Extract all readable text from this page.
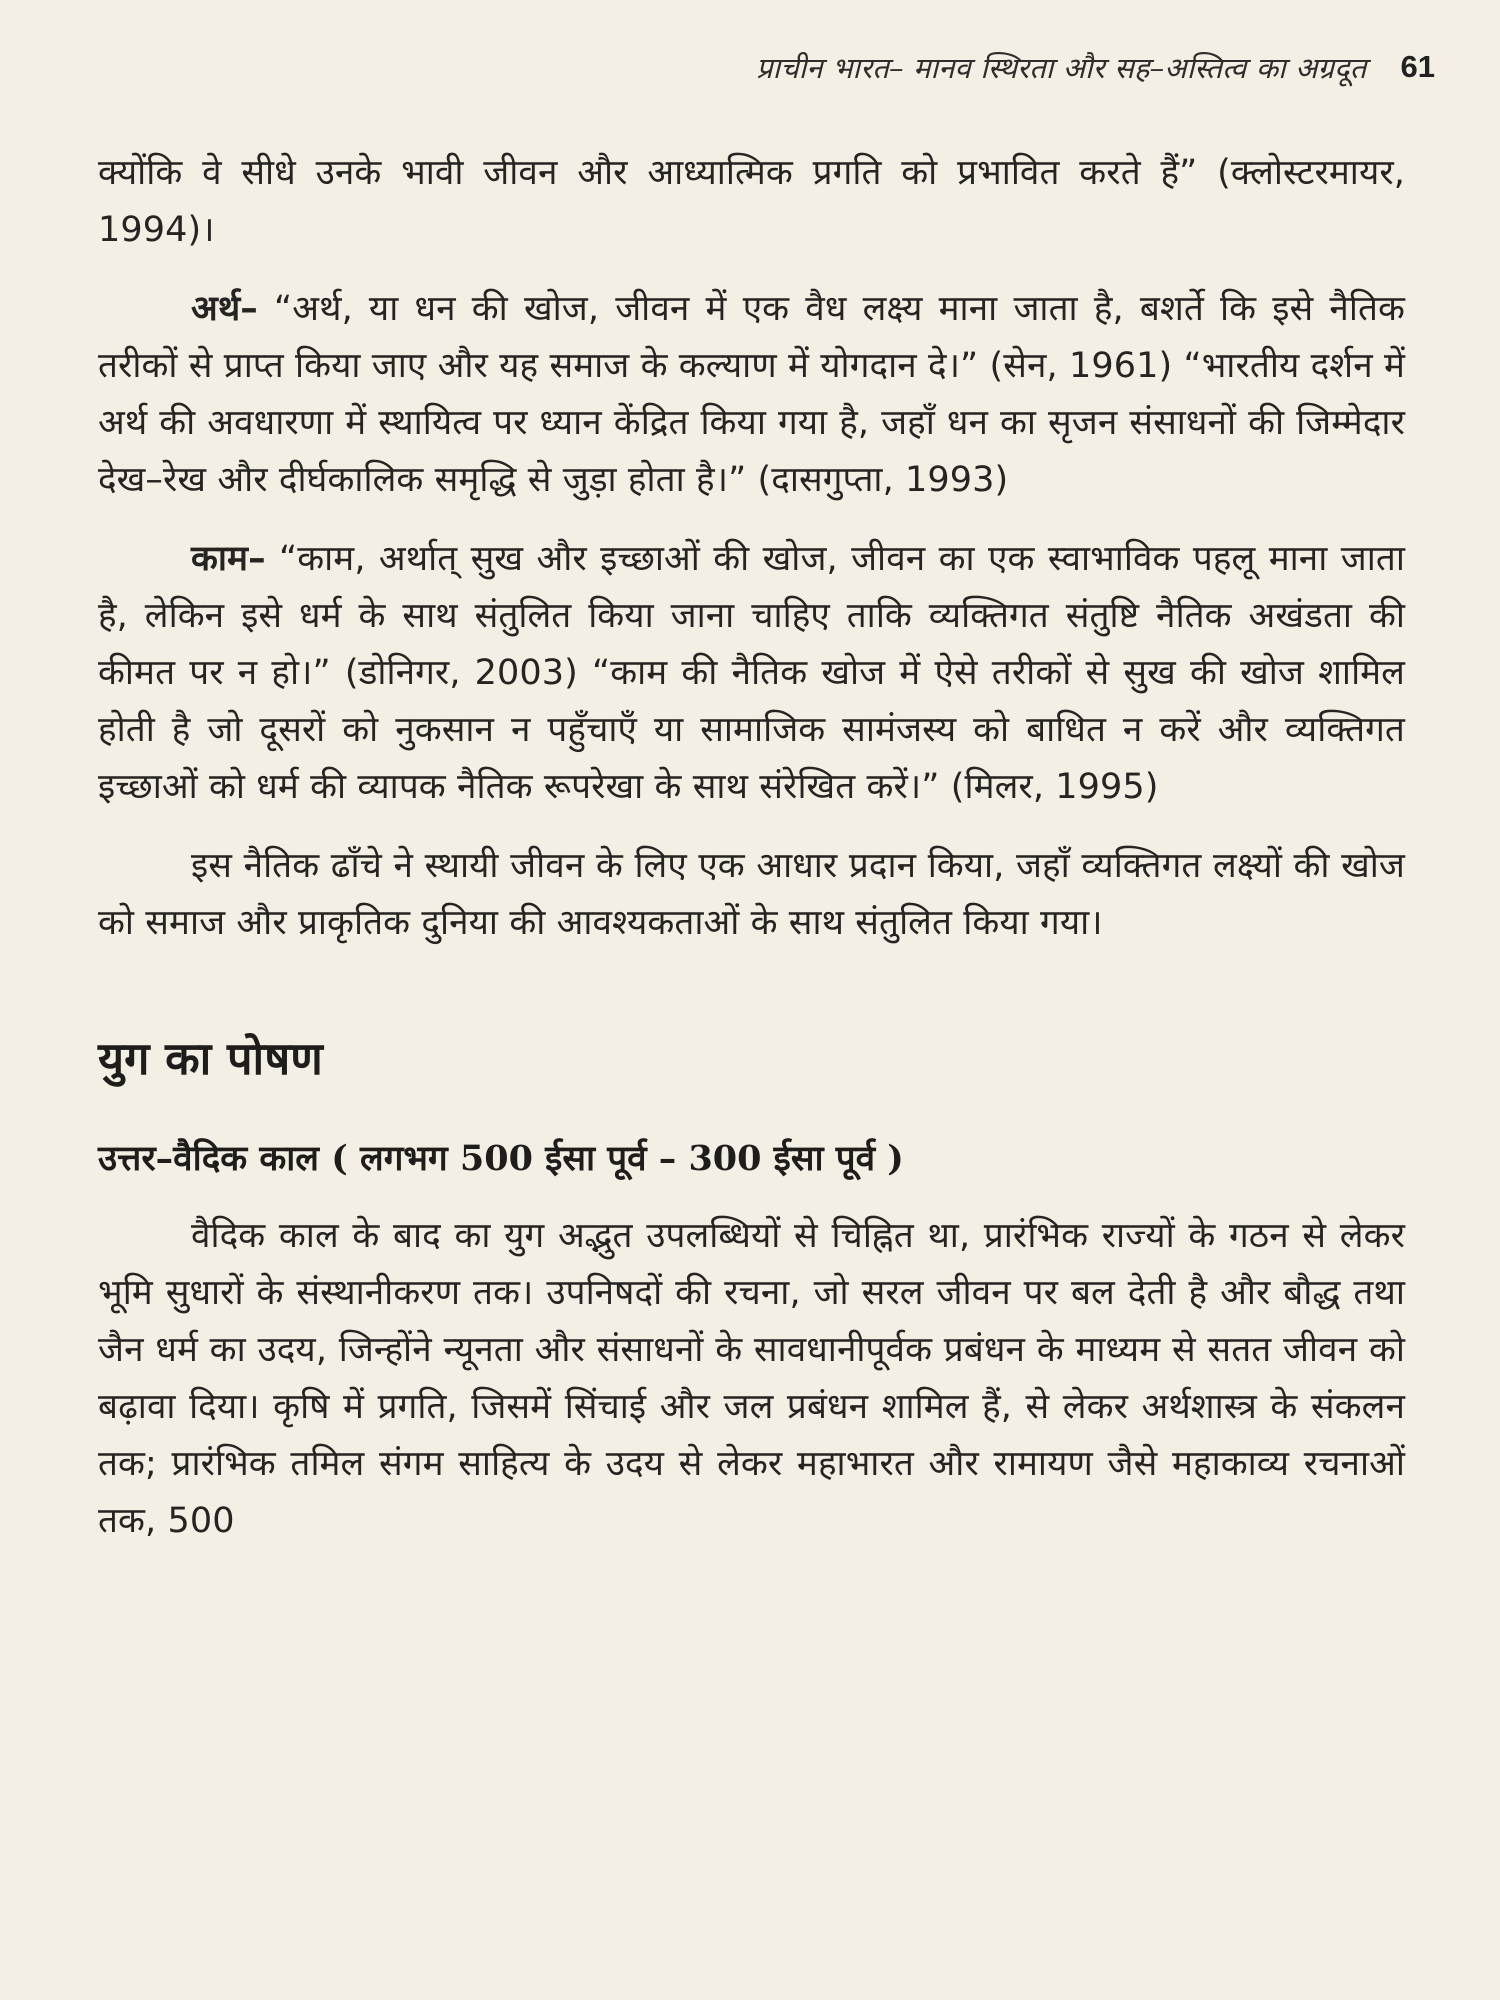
प्राचीन भारत– मानव स्थिरता और सह–अस्तित्व का अग्रदूत 61

क्योंकि वे सीधे उनके भावी जीवन और आध्यात्मिक प्रगति को प्रभावित करते हैं” (क्लोस्टरमायर, 1994)।

अर्थ– “अर्थ, या धन की खोज, जीवन में एक वैध लक्ष्य माना जाता है, बशर्ते कि इसे नैतिक तरीकों से प्राप्त किया जाए और यह समाज के कल्याण में योगदान दे।” (सेन, 1961) “भारतीय दर्शन में अर्थ की अवधारणा में स्थायित्व पर ध्यान केंद्रित किया गया है, जहाँ धन का सृजन संसाधनों की जिम्मेदार देख–रेख और दीर्घकालिक समृद्धि से जुड़ा होता है।” (दासगुप्ता, 1993)

काम– “काम, अर्थात् सुख और इच्छाओं की खोज, जीवन का एक स्वाभाविक पहलू माना जाता है, लेकिन इसे धर्म के साथ संतुलित किया जाना चाहिए ताकि व्यक्तिगत संतुष्टि नैतिक अखंडता की कीमत पर न हो।” (डोनिगर, 2003) “काम की नैतिक खोज में ऐसे तरीकों से सुख की खोज शामिल होती है जो दूसरों को नुकसान न पहुँचाएँ या सामाजिक सामंजस्य को बाधित न करें और व्यक्तिगत इच्छाओं को धर्म की व्यापक नैतिक रूपरेखा के साथ संरेखित करें।” (मिलर, 1995)

इस नैतिक ढाँचे ने स्थायी जीवन के लिए एक आधार प्रदान किया, जहाँ व्यक्तिगत लक्ष्यों की खोज को समाज और प्राकृतिक दुनिया की आवश्यकताओं के साथ संतुलित किया गया।

युग का पोषण
उत्तर–वैदिक काल ( लगभग 500 ईसा पूर्व – 300 ईसा पूर्व )

वैदिक काल के बाद का युग अद्भुत उपलब्धियों से चिह्नित था, प्रारंभिक राज्यों के गठन से लेकर भूमि सुधारों के संस्थानीकरण तक। उपनिषदों की रचना, जो सरल जीवन पर बल देती है और बौद्ध तथा जैन धर्म का उदय, जिन्होंने न्यूनता और संसाधनों के सावधानीपूर्वक प्रबंधन के माध्यम से सतत जीवन को बढ़ावा दिया। कृषि में प्रगति, जिसमें सिंचाई और जल प्रबंधन शामिल हैं, से लेकर अर्थशास्त्र के संकलन तक; प्रारंभिक तमिल संगम साहित्य के उदय से लेकर महाभारत और रामायण जैसे महाकाव्य रचनाओं तक, 500
